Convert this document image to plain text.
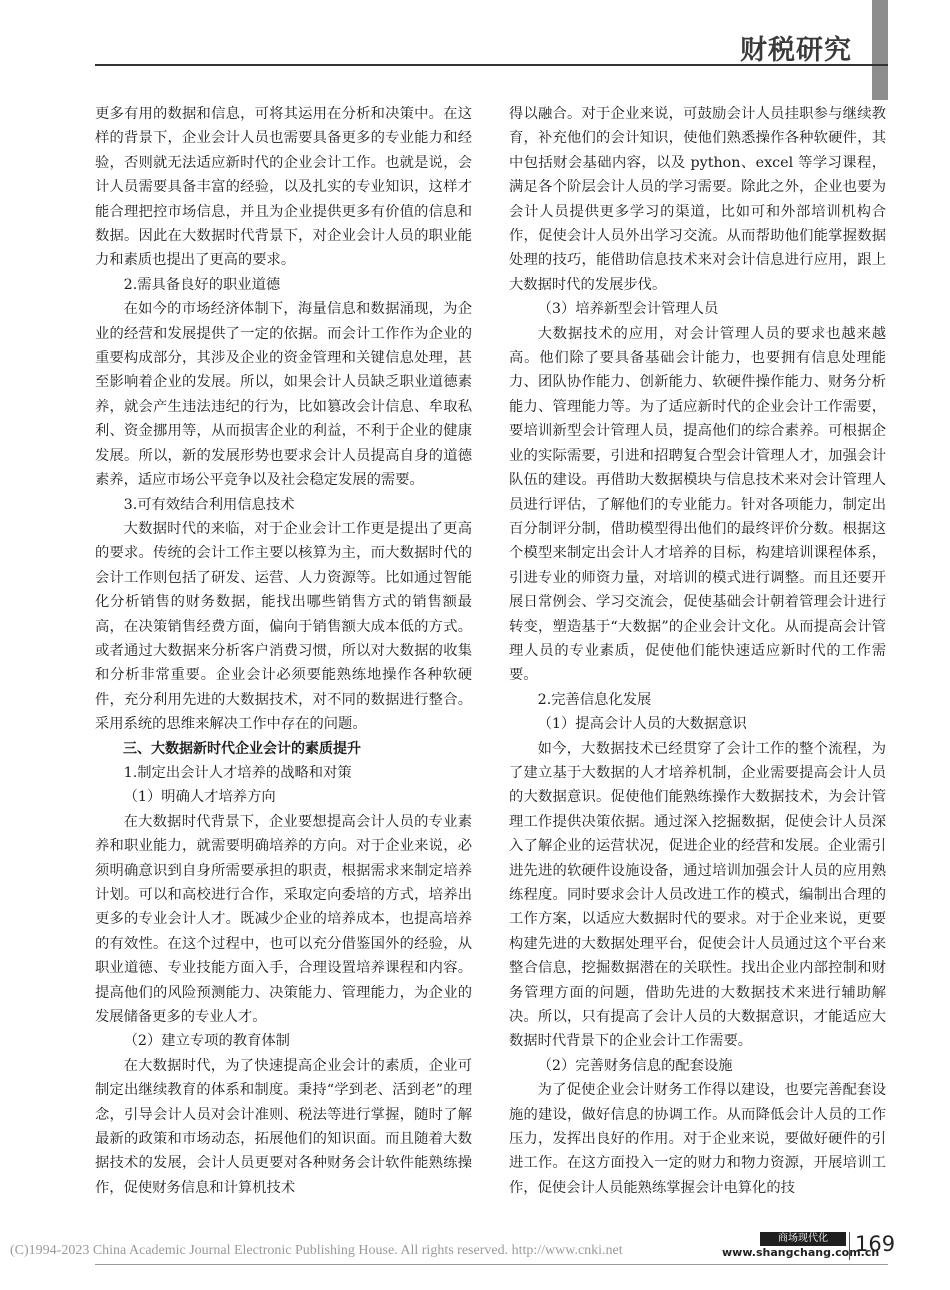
财税研究

更多有用的数据和信息，可将其运用在分析和决策中。在这样的背景下，企业会计人员也需要具备更多的专业能力和经验，否则就无法适应新时代的企业会计工作。也就是说，会计人员需要具备丰富的经验，以及扎实的专业知识，这样才能合理把控市场信息，并且为企业提供更多有价值的信息和数据。因此在大数据时代背景下，对企业会计人员的职业能力和素质也提出了更高的要求。

2.需具备良好的职业道德

在如今的市场经济体制下，海量信息和数据涌现，为企业的经营和发展提供了一定的依据。而会计工作作为企业的重要构成部分，其涉及企业的资金管理和关键信息处理，甚至影响着企业的发展。所以，如果会计人员缺乏职业道德素养，就会产生违法违纪的行为，比如篡改会计信息、牟取私利、资金挪用等，从而损害企业的利益，不利于企业的健康发展。所以，新的发展形势也要求会计人员提高自身的道德素养，适应市场公平竞争以及社会稳定发展的需要。

3.可有效结合利用信息技术

大数据时代的来临，对于企业会计工作更是提出了更高的要求。传统的会计工作主要以核算为主，而大数据时代的会计工作则包括了研发、运营、人力资源等。比如通过智能化分析销售的财务数据，能找出哪些销售方式的销售额最高，在决策销售经费方面，偏向于销售额大成本低的方式。或者通过大数据来分析客户消费习惯，所以对大数据的收集和分析非常重要。企业会计必须要能熟练地操作各种软硬件，充分利用先进的大数据技术，对不同的数据进行整合。采用系统的思维来解决工作中存在的问题。

三、大数据新时代企业会计的素质提升

1.制定出会计人才培养的战略和对策

（1）明确人才培养方向

在大数据时代背景下，企业要想提高会计人员的专业素养和职业能力，就需要明确培养的方向。对于企业来说，必须明确意识到自身所需要承担的职责，根据需求来制定培养计划。可以和高校进行合作，采取定向委培的方式，培养出更多的专业会计人才。既减少企业的培养成本，也提高培养的有效性。在这个过程中，也可以充分借鉴国外的经验，从职业道德、专业技能方面入手，合理设置培养课程和内容。提高他们的风险预测能力、决策能力、管理能力，为企业的发展储备更多的专业人才。

（2）建立专项的教育体制

在大数据时代，为了快速提高企业会计的素质，企业可制定出继续教育的体系和制度。秉持“学到老、活到老”的理念，引导会计人员对会计准则、税法等进行掌握，随时了解最新的政策和市场动态，拓展他们的知识面。而且随着大数据技术的发展，会计人员更要对各种财务会计软件能熟练操作，促使财务信息和计算机技术

得以融合。对于企业来说，可鼓励会计人员挂职参与继续教育，补充他们的会计知识，使他们熟悉操作各种软硬件，其中包括财会基础内容，以及 python、excel 等学习课程，满足各个阶层会计人员的学习需要。除此之外，企业也要为会计人员提供更多学习的渠道，比如可和外部培训机构合作，促使会计人员外出学习交流。从而帮助他们能掌握数据处理的技巧，能借助信息技术来对会计信息进行应用，跟上大数据时代的发展步伐。

（3）培养新型会计管理人员

大数据技术的应用，对会计管理人员的要求也越来越高。他们除了要具备基础会计能力，也要拥有信息处理能力、团队协作能力、创新能力、软硬件操作能力、财务分析能力、管理能力等。为了适应新时代的企业会计工作需要，要培训新型会计管理人员，提高他们的综合素养。可根据企业的实际需要，引进和招聘复合型会计管理人才，加强会计队伍的建设。再借助大数据模块与信息技术来对会计管理人员进行评估，了解他们的专业能力。针对各项能力，制定出百分制评分制，借助模型得出他们的最终评价分数。根据这个模型来制定出会计人才培养的目标，构建培训课程体系，引进专业的师资力量，对培训的模式进行调整。而且还要开展日常例会、学习交流会，促使基础会计朝着管理会计进行转变，塑造基于“大数据”的企业会计文化。从而提高会计管理人员的专业素质，促使他们能快速适应新时代的工作需要。

2.完善信息化发展

（1）提高会计人员的大数据意识

如今，大数据技术已经贯穿了会计工作的整个流程，为了建立基于大数据的人才培养机制，企业需要提高会计人员的大数据意识。促使他们能熟练操作大数据技术，为会计管理工作提供决策依据。通过深入挖掘数据，促使会计人员深入了解企业的运营状况，促进企业的经营和发展。企业需引进先进的软硬件设施设备，通过培训加强会计人员的应用熟练程度。同时要求会计人员改进工作的模式，编制出合理的工作方案，以适应大数据时代的要求。对于企业来说，更要构建先进的大数据处理平台，促使会计人员通过这个平台来整合信息，挖掘数据潜在的关联性。找出企业内部控制和财务管理方面的问题，借助先进的大数据技术来进行辅助解决。所以，只有提高了会计人员的大数据意识，才能适应大数据时代背景下的企业会计工作需要。

（2）完善财务信息的配套设施

为了促使企业会计财务工作得以建设，也要完善配套设施的建设，做好信息的协调工作。从而降低会计人员的工作压力，发挥出良好的作用。对于企业来说，要做好硬件的引进工作。在这方面投入一定的财力和物力资源，开展培训工作，促使会计人员能熟练掌握会计电算化的技

(C)1994-2023 China Academic Journal Electronic Publishing House. All rights reserved. http://www.cnki.net
商场现代化
www.shangchang.com.cn
169
